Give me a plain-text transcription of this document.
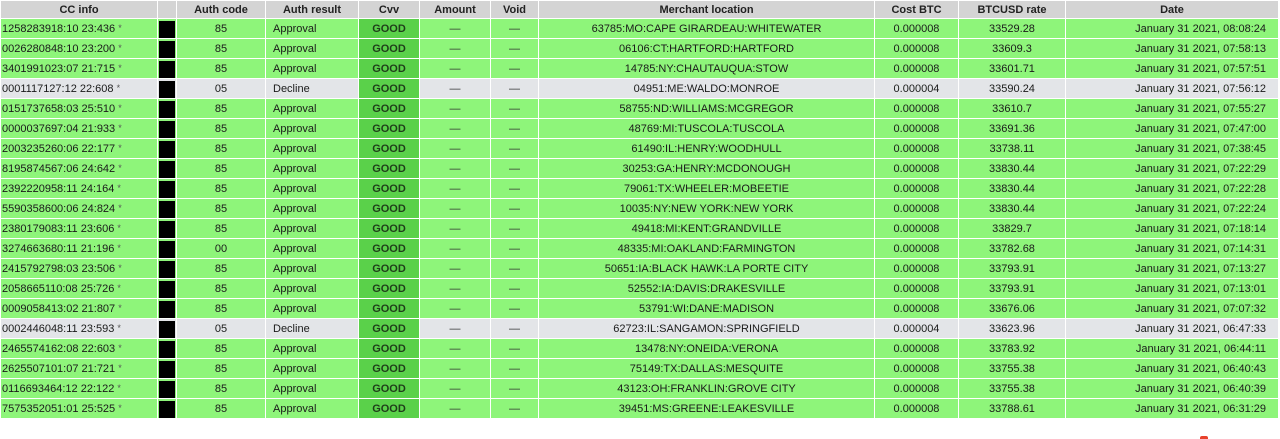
CC info		Auth code	Auth result	Cvv	Amount	Void	Merchant location	Cost BTC	BTCUSD rate	Date
1258283918:10 23:436 *		85	Approval	GOOD	—	—	63785:MO:CAPE GIRARDEAU:WHITEWATER	0.000008	33529.28	January 31 2021, 08:08:24
0026280848:10 23:200 *		85	Approval	GOOD	—	—	06106:CT:HARTFORD:HARTFORD	0.000008	33609.3	January 31 2021, 07:58:13
3401991023:07 21:715 *		85	Approval	GOOD	—	—	14785:NY:CHAUTAUQUA:STOW	0.000008	33601.71	January 31 2021, 07:57:51
0001117127:12 22:608 *		05	Decline	GOOD	—	—	04951:ME:WALDO:MONROE	0.000004	33590.24	January 31 2021, 07:56:12
0151737658:03 25:510 *		85	Approval	GOOD	—	—	58755:ND:WILLIAMS:MCGREGOR	0.000008	33610.7	January 31 2021, 07:55:27
0000037697:04 21:933 *		85	Approval	GOOD	—	—	48769:MI:TUSCOLA:TUSCOLA	0.000008	33691.36	January 31 2021, 07:47:00
2003235260:06 22:177 *		85	Approval	GOOD	—	—	61490:IL:HENRY:WOODHULL	0.000008	33738.11	January 31 2021, 07:38:45
8195874567:06 24:642 *		85	Approval	GOOD	—	—	30253:GA:HENRY:MCDONOUGH	0.000008	33830.44	January 31 2021, 07:22:29
2392220958:11 24:164 *		85	Approval	GOOD	—	—	79061:TX:WHEELER:MOBEETIE	0.000008	33830.44	January 31 2021, 07:22:28
5590358600:06 24:824 *		85	Approval	GOOD	—	—	10035:NY:NEW YORK:NEW YORK	0.000008	33830.44	January 31 2021, 07:22:24
2380179083:11 23:606 *		85	Approval	GOOD	—	—	49418:MI:KENT:GRANDVILLE	0.000008	33829.7	January 31 2021, 07:18:14
3274663680:11 21:196 *		00	Approval	GOOD	—	—	48335:MI:OAKLAND:FARMINGTON	0.000008	33782.68	January 31 2021, 07:14:31
2415792798:03 23:506 *		85	Approval	GOOD	—	—	50651:IA:BLACK HAWK:LA PORTE CITY	0.000008	33793.91	January 31 2021, 07:13:27
2058665110:08 25:726 *		85	Approval	GOOD	—	—	52552:IA:DAVIS:DRAKESVILLE	0.000008	33793.91	January 31 2021, 07:13:01
0009058413:02 21:807 *		85	Approval	GOOD	—	—	53791:WI:DANE:MADISON	0.000008	33676.06	January 31 2021, 07:07:32
0002446048:11 23:593 *		05	Decline	GOOD	—	—	62723:IL:SANGAMON:SPRINGFIELD	0.000004	33623.96	January 31 2021, 06:47:33
2465574162:08 22:603 *		85	Approval	GOOD	—	—	13478:NY:ONEIDA:VERONA	0.000008	33783.92	January 31 2021, 06:44:11
2625507101:07 21:721 *		85	Approval	GOOD	—	—	75149:TX:DALLAS:MESQUITE	0.000008	33755.38	January 31 2021, 06:40:43
0116693464:12 22:122 *		85	Approval	GOOD	—	—	43123:OH:FRANKLIN:GROVE CITY	0.000008	33755.38	January 31 2021, 06:40:39
7575352051:01 25:525 *		85	Approval	GOOD	—	—	39451:MS:GREENE:LEAKESVILLE	0.000008	33788.61	January 31 2021, 06:31:29
